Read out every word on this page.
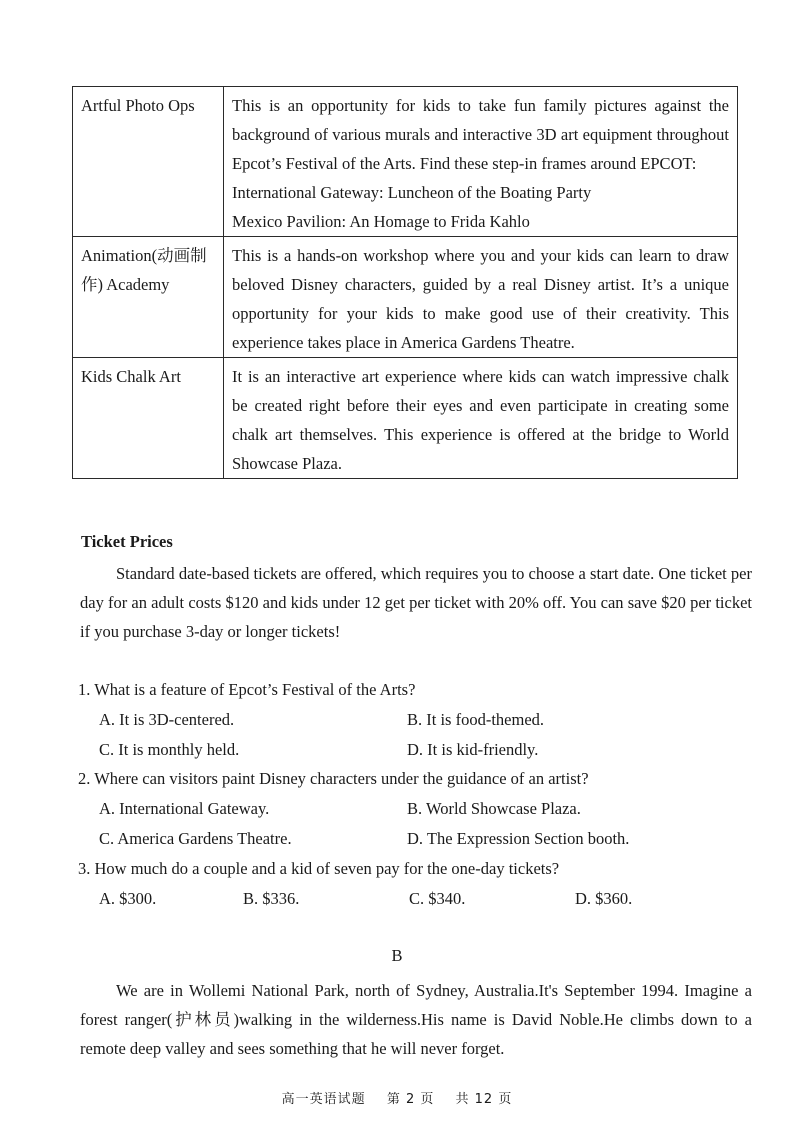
Artful Photo Ops	This is an opportunity for kids to take fun family pictures against the background of various murals and interactive 3D art equipment throughout Epcot’s Festival of the Arts. Find these step-in frames around EPCOT:
International Gateway: Luncheon of the Boating Party
Mexico Pavilion: An Homage to Frida Kahlo

Animation(动画制作) Academy	This is a hands-on workshop where you and your kids can learn to draw beloved Disney characters, guided by a real Disney artist. It’s a unique opportunity for your kids to make good use of their creativity. This experience takes place in America Gardens Theatre.
Kids Chalk Art	It is an interactive art experience where kids can watch impressive chalk be created right before their eyes and even participate in creating some chalk art themselves. This experience is offered at the bridge to World Showcase Plaza.
Ticket Prices
Standard date-based tickets are offered, which requires you to choose a start date. One ticket per day for an adult costs $120 and kids under 12 get per ticket with 20% off. You can save $20 per ticket if you purchase 3-day or longer tickets!
1. What is a feature of Epcot’s Festival of the Arts?
A. It is 3D-centered.	B. It is food-themed.
C. It is monthly held.	D. It is kid-friendly.
2. Where can visitors paint Disney characters under the guidance of an artist?
A. International Gateway.	B. World Showcase Plaza.
C. America Gardens Theatre.	D. The Expression Section booth.
3. How much do a couple and a kid of seven pay for the one-day tickets?
A. $300.	B. $336.	C. $340.	D. $360.
B
We are in Wollemi National Park, north of Sydney, Australia.It's September 1994. Imagine a forest ranger(护林员)walking in the wilderness.His name is David Noble.He climbs down to a remote deep valley and sees something that he will never forget.
高一英语试题 第 2 页 共 12 页
